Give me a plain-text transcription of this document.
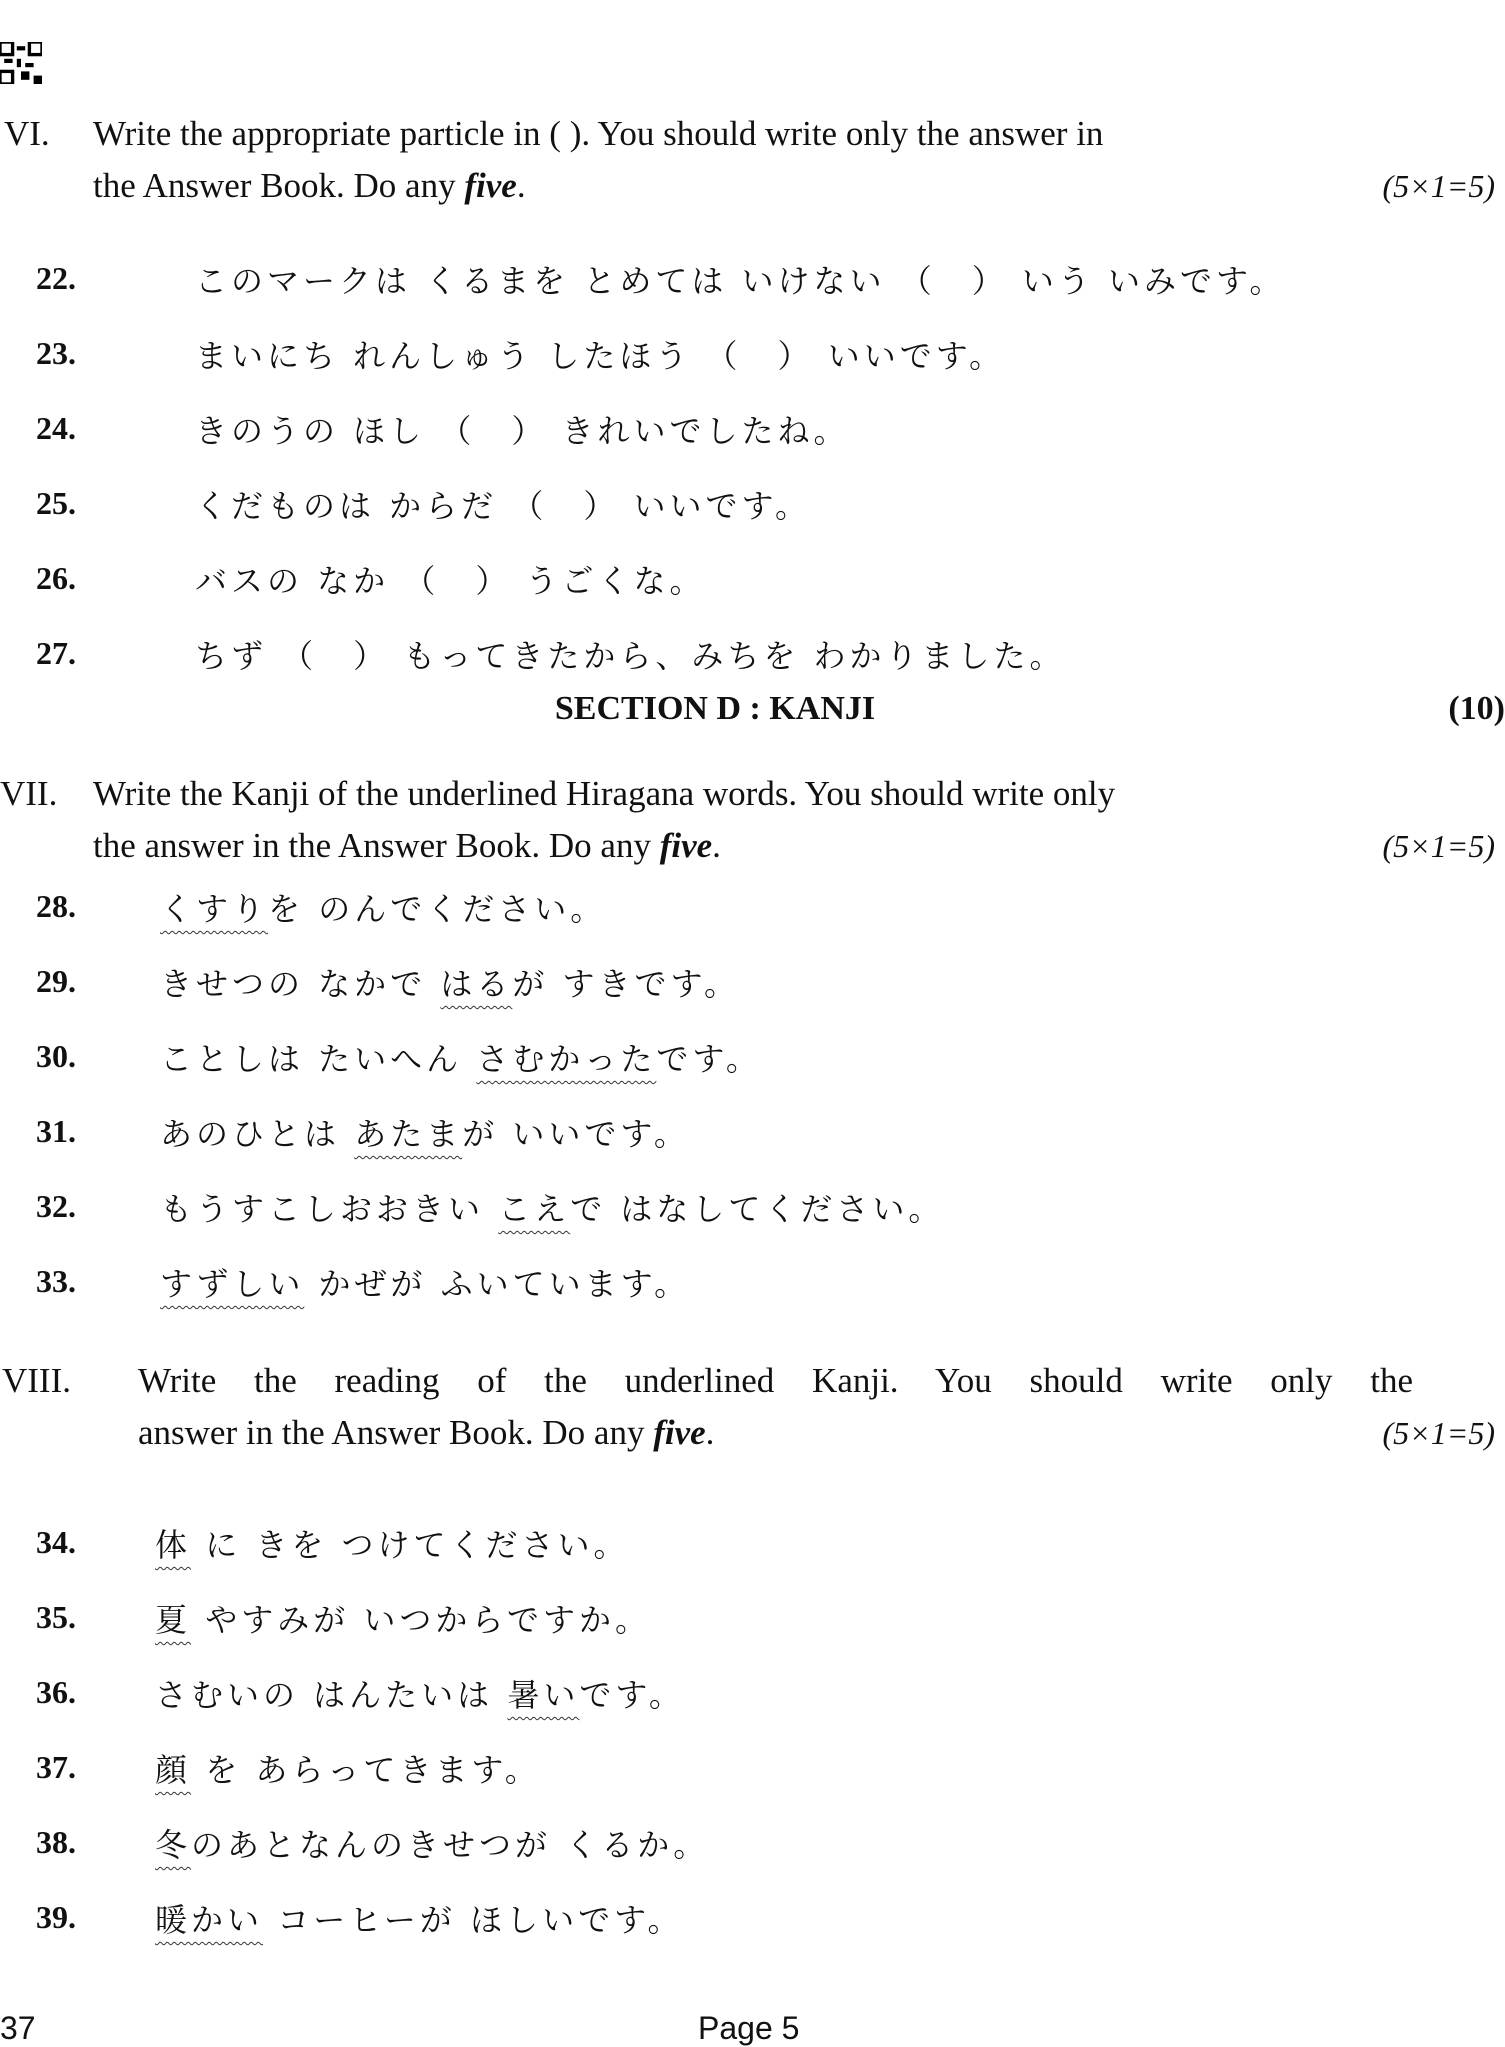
VI. Write the appropriate particle in ( ). You should write only the answer in
the Answer Book. Do any five.	(5×1=5)
22.	このマークは くるまを とめては いけない （　） いう いみです。
23.	まいにち れんしゅう したほう （　） いいです。
24.	きのうの ほし （　） きれいでしたね。
25.	くだものは からだ （　） いいです。
26.	バスの なか （　） うごくな。
27.	ちず （　） もってきたから、みちを わかりました。
SECTION D : KANJI	(10)
VII. Write the Kanji of the underlined Hiragana words. You should write only
the answer in the Answer Book. Do any five.	(5×1=5)
28.	くすりを のんでください。
29.	きせつの なかで はるが すきです。
30.	ことしは たいへん さむかったです。
31.	あのひとは あたまが いいです。
32.	もうすこしおおきい こえで はなしてください。
33.	すずしい かぜが ふいています。
VIII. Write the reading of the underlined Kanji. You should write only the
answer in the Answer Book. Do any five.	(5×1=5)
34. 体 に きを つけてください。
35. 夏 やすみが いつからですか。
36. さむいの はんたいは 暑いです。
37. 顔 を あらってきます。
38. 冬のあとなんのきせつが くるか。
39. 暖かい コーヒーが ほしいです。
37	Page 5
